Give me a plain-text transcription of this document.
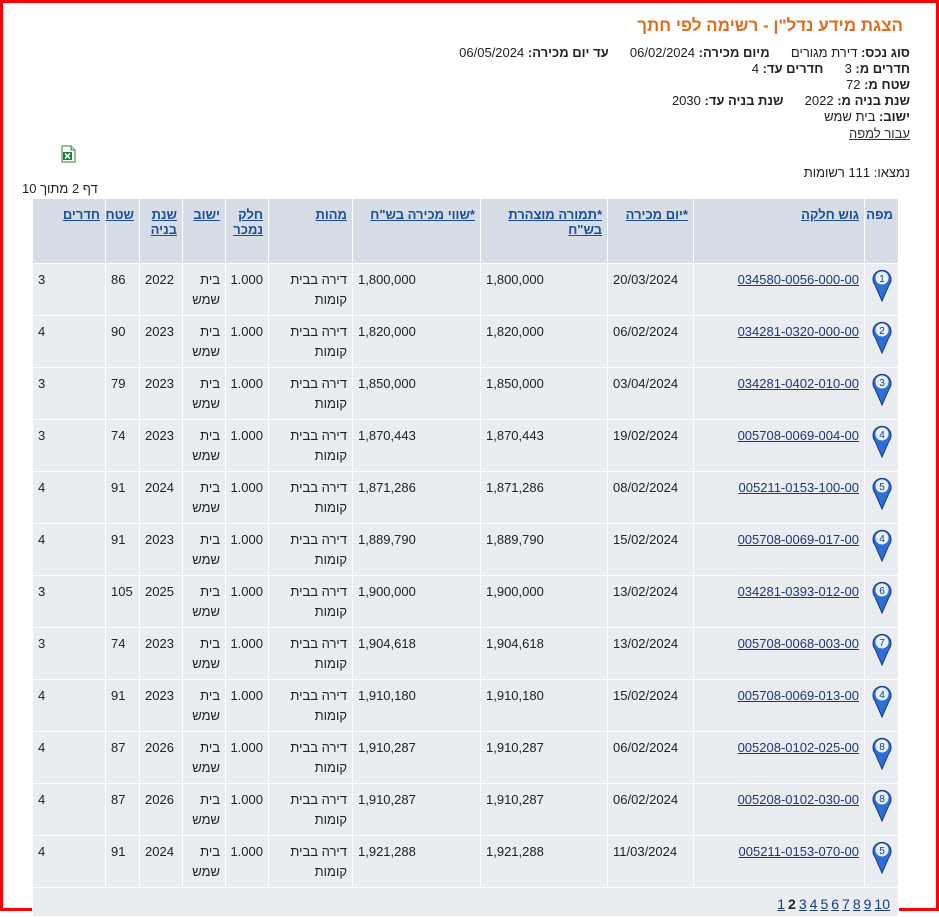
הצגת מידע נדל"ן - רשימה לפי חתך
סוג נכס: דירת מגורים  מיום מכירה: 06/02/2024  עד יום מכירה: 06/05/2024
חדרים מ: 3  חדרים עד: 4
שטח מ: 72
שנת בניה מ: 2022  שנת בניה עד: 2030
ישוב: בית שמש
עבור למפה
נמצאו: 111 רשומות
דף 2 מתוך 10
מפה	גוש חלקה	*יום מכירה	*תמורה מוצהרת בש"ח	*שווי מכירה בש"ח	מהות	חלק נמכר	ישוב	שנת בניה	שטח	חדרים

1	034580-0056-000-00	20/03/2024	1,800,000	1,800,000	דירה בבית קומות	1.000	בית שמש	2022	86	3

2	034281-0320-000-00	06/02/2024	1,820,000	1,820,000	דירה בבית קומות	1.000	בית שמש	2023	90	4

3	034281-0402-010-00	03/04/2024	1,850,000	1,850,000	דירה בבית קומות	1.000	בית שמש	2023	79	3

4	005708-0069-004-00	19/02/2024	1,870,443	1,870,443	דירה בבית קומות	1.000	בית שמש	2023	74	3

5	005211-0153-100-00	08/02/2024	1,871,286	1,871,286	דירה בבית קומות	1.000	בית שמש	2024	91	4

4	005708-0069-017-00	15/02/2024	1,889,790	1,889,790	דירה בבית קומות	1.000	בית שמש	2023	91	4

6	034281-0393-012-00	13/02/2024	1,900,000	1,900,000	דירה בבית קומות	1.000	בית שמש	2025	105	3

7	005708-0068-003-00	13/02/2024	1,904,618	1,904,618	דירה בבית קומות	1.000	בית שמש	2023	74	3

4	005708-0069-013-00	15/02/2024	1,910,180	1,910,180	דירה בבית קומות	1.000	בית שמש	2023	91	4

8	005208-0102-025-00	06/02/2024	1,910,287	1,910,287	דירה בבית קומות	1.000	בית שמש	2026	87	4

8	005208-0102-030-00	06/02/2024	1,910,287	1,910,287	דירה בבית קומות	1.000	בית שמש	2026	87	4

5	005211-0153-070-00	11/03/2024	1,921,288	1,921,288	דירה בבית קומות	1.000	בית שמש	2024	91	4

1 2 3 4 5 6 7 8 9 10										
